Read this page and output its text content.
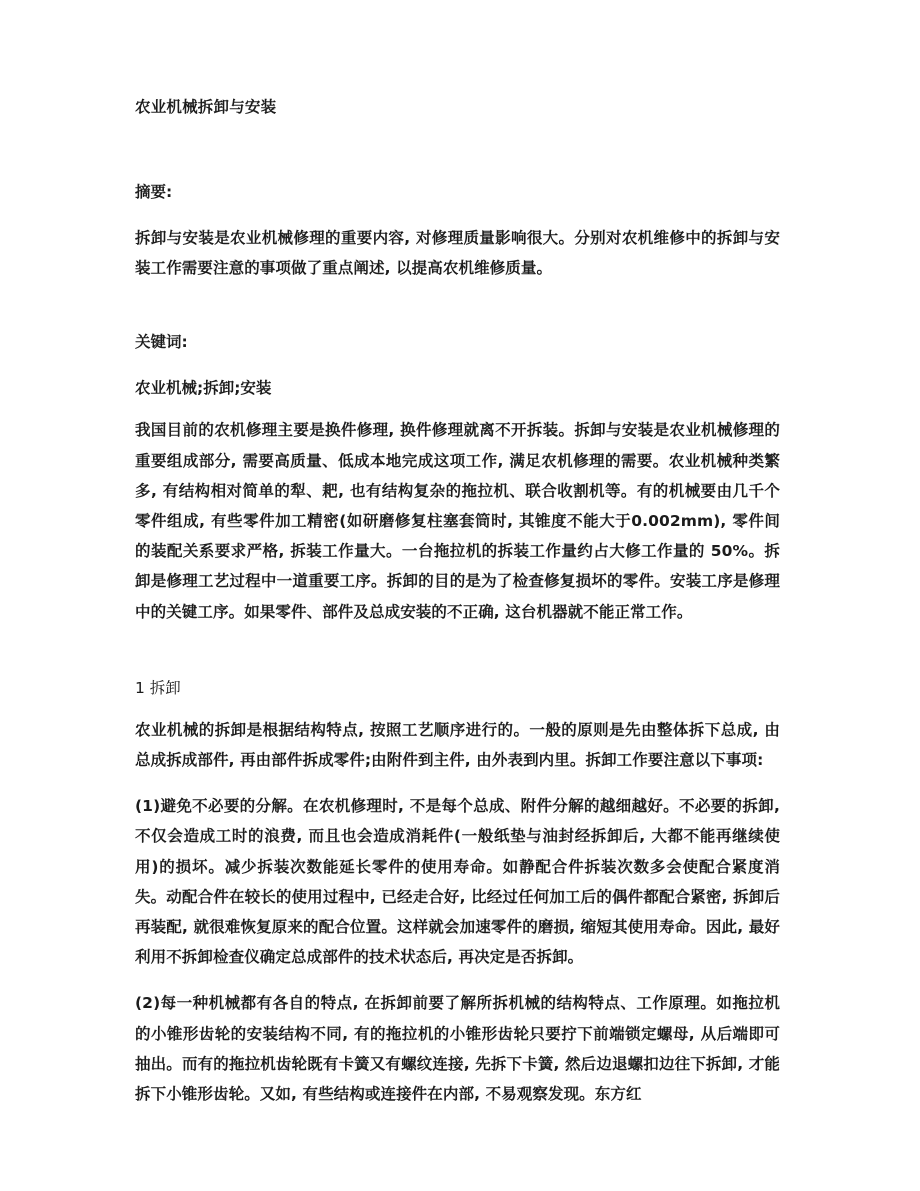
农业机械拆卸与安装

摘要:

拆卸与安装是农业机械修理的重要内容, 对修理质量影响很大。分别对农机维修中的拆卸与安装工作需要注意的事项做了重点阐述, 以提高农机维修质量。

关键词:

农业机械;拆卸;安装

我国目前的农机修理主要是换件修理, 换件修理就离不开拆装。拆卸与安装是农业机械修理的重要组成部分, 需要高质量、低成本地完成这项工作, 满足农机修理的需要。农业机械种类繁多, 有结构相对简单的犁、耙, 也有结构复杂的拖拉机、联合收割机等。有的机械要由几千个零件组成, 有些零件加工精密(如研磨修复柱塞套筒时, 其锥度不能大于0.002mm), 零件间的装配关系要求严格, 拆装工作量大。一台拖拉机的拆装工作量约占大修工作量的 50%。拆卸是修理工艺过程中一道重要工序。拆卸的目的是为了检查修复损坏的零件。安装工序是修理中的关键工序。如果零件、部件及总成安装的不正确, 这台机器就不能正常工作。

1 拆卸

农业机械的拆卸是根据结构特点, 按照工艺顺序进行的。一般的原则是先由整体拆下总成, 由总成拆成部件, 再由部件拆成零件;由附件到主件, 由外表到内里。拆卸工作要注意以下事项:

(1)避免不必要的分解。在农机修理时, 不是每个总成、附件分解的越细越好。不必要的拆卸, 不仅会造成工时的浪费, 而且也会造成消耗件(一般纸垫与油封经拆卸后, 大都不能再继续使用)的损坏。减少拆装次数能延长零件的使用寿命。如静配合件拆装次数多会使配合紧度消失。动配合件在较长的使用过程中, 已经走合好, 比经过任何加工后的偶件都配合紧密, 拆卸后再装配, 就很难恢复原来的配合位置。这样就会加速零件的磨损, 缩短其使用寿命。因此, 最好利用不拆卸检查仪确定总成部件的技术状态后, 再决定是否拆卸。

(2)每一种机械都有各自的特点, 在拆卸前要了解所拆机械的结构特点、工作原理。如拖拉机的小锥形齿轮的安装结构不同, 有的拖拉机的小锥形齿轮只要拧下前端锁定螺母, 从后端即可抽出。而有的拖拉机齿轮既有卡簧又有螺纹连接, 先拆下卡簧, 然后边退螺扣边往下拆卸, 才能拆下小锥形齿轮。又如, 有些结构或连接件在内部, 不易观察发现。东方红
